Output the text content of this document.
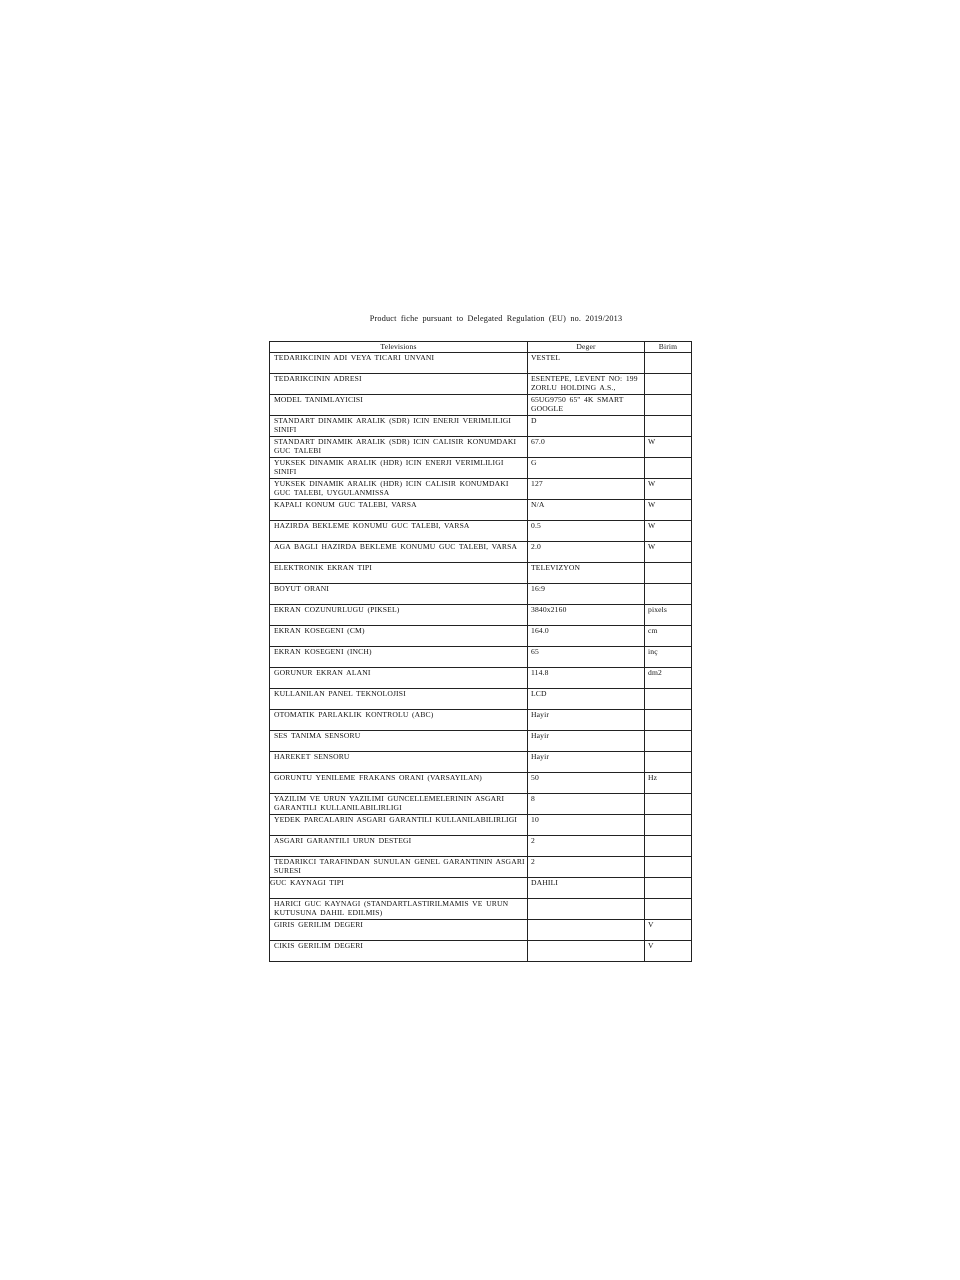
Product fiche pursuant to Delegated Regulation (EU) no. 2019/2013
Televisions	Deger	Birim

TEDARIKCININ ADI VEYA TICARI UNVANI	VESTEL	

TEDARIKCININ ADRESI	ESENTEPE, LEVENT NO: 199 ZORLU HOLDING A.S.,	

MODEL TANIMLAYICISI	65UG9750 65'' 4K SMART GOOGLE	

STANDART DINAMIK ARALIK (SDR) ICIN ENERJI VERIMLILIGI SINIFI	D	

STANDART DINAMIK ARALIK (SDR) ICIN CALISIR KONUMDAKI GUC TALEBI	67.0	W

YUKSEK DINAMIK ARALIK (HDR) ICIN ENERJI VERIMLILIGI SINIFI	G	

YUKSEK DINAMIK ARALIK (HDR) ICIN CALISIR KONUMDAKI GUC TALEBI, UYGULANMISSA	127	W

KAPALI KONUM GUC TALEBI, VARSA	N/A	W

HAZIRDA BEKLEME KONUMU GUC TALEBI, VARSA	0.5	W

AGA BAGLI HAZIRDA BEKLEME KONUMU GUC TALEBI, VARSA	2.0	W

ELEKTRONIK EKRAN TIPI	TELEVIZYON	

BOYUT ORANI	16:9	

EKRAN COZUNURLUGU (PIKSEL)	3840x2160	pixels

EKRAN KOSEGENI (CM)	164.0	cm

EKRAN KOSEGENI (INCH)	65	inç

GORUNUR EKRAN ALANI	114.8	dm2

KULLANILAN PANEL TEKNOLOJISI	LCD	

OTOMATIK PARLAKLIK KONTROLU (ABC)	Hayir	

SES TANIMA SENSORU	Hayir	

HAREKET SENSORU	Hayir	

GORUNTU YENILEME FRAKANS ORANI (VARSAYILAN)	50	Hz

YAZILIM VE URUN YAZILIMI GUNCELLEMELERININ ASGARI GARANTILI KULLANILABILIRLIGI	8	

YEDEK PARCALARIN ASGARI GARANTILI KULLANILABILIRLIGI	10	

ASGARI GARANTILI URUN DESTEGI	2	

TEDARIKCI TARAFINDAN SUNULAN GENEL GARANTININ ASGARI SURESI	2	

GUC KAYNAGI TIPI	DAHILI	

HARICI GUC KAYNAGI (STANDARTLASTIRILMAMIS VE URUN KUTUSUNA DAHIL EDILMIS)		

GIRIS GERILIM DEGERI		V

CIKIS GERILIM DEGERI		V
